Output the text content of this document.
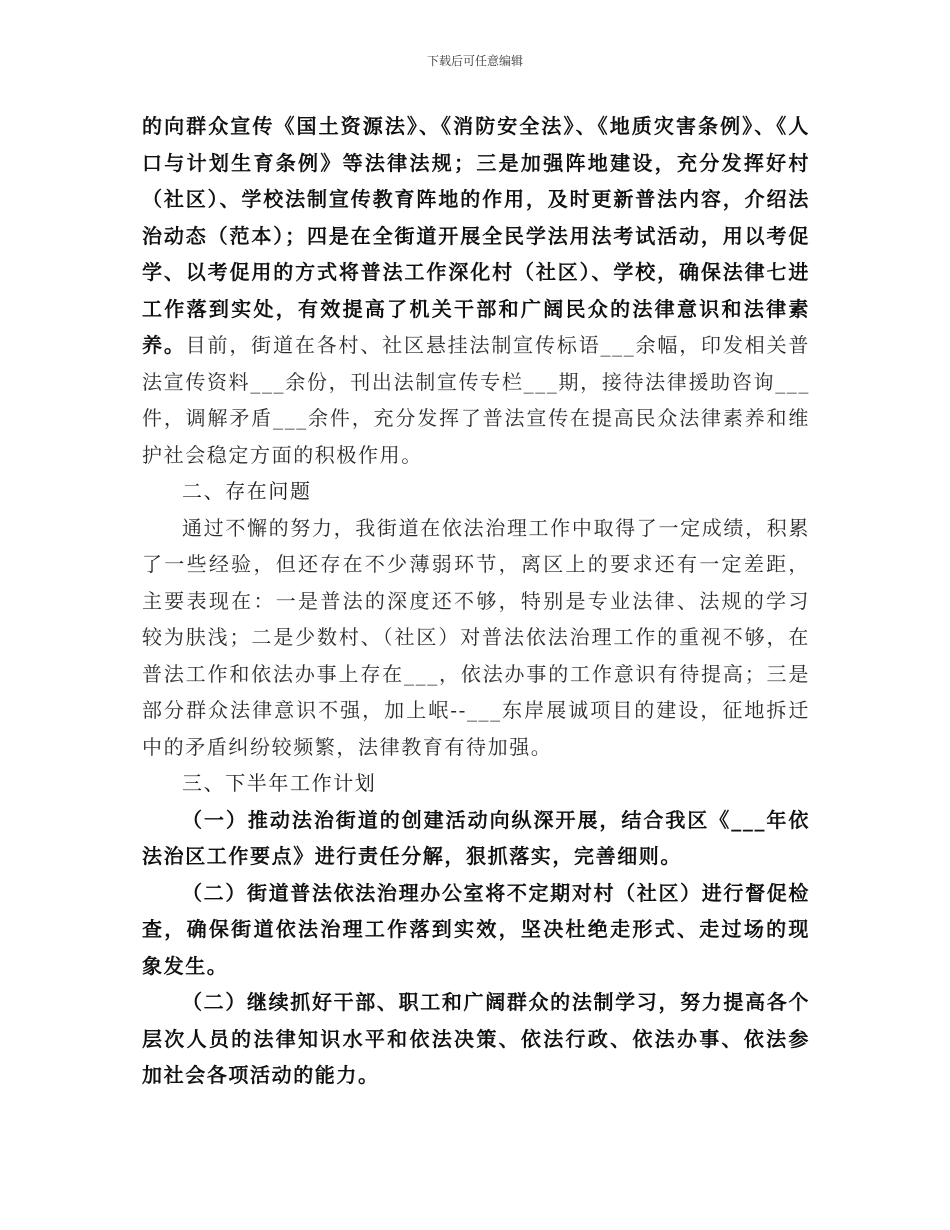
下载后可任意编辑

的向群众宣传《国土资源法》、《消防安全法》、《地质灾害条例》、《人口与计划生育条例》等法律法规；三是加强阵地建设，充分发挥好村（社区）、学校法制宣传教育阵地的作用，及时更新普法内容，介绍法治动态（范本）；四是在全街道开展全民学法用法考试活动，用以考促学、以考促用的方式将普法工作深化村（社区）、学校，确保法律七进工作落到实处，有效提高了机关干部和广阔民众的法律意识和法律素养。目前，街道在各村、社区悬挂法制宣传标语___余幅，印发相关普法宣传资料___余份，刊出法制宣传专栏___期，接待法律援助咨询___件，调解矛盾___余件，充分发挥了普法宣传在提高民众法律素养和维护社会稳定方面的积极作用。

二、存在问题

通过不懈的努力，我街道在依法治理工作中取得了一定成绩，积累了一些经验，但还存在不少薄弱环节，离区上的要求还有一定差距，主要表现在：一是普法的深度还不够，特别是专业法律、法规的学习较为肤浅；二是少数村、（社区）对普法依法治理工作的重视不够，在普法工作和依法办事上存在___，依法办事的工作意识有待提高；三是部分群众法律意识不强，加上岷--___东岸展诚项目的建设，征地拆迁中的矛盾纠纷较频繁，法律教育有待加强。

三、下半年工作计划

（一）推动法治街道的创建活动向纵深开展，结合我区《___年依法治区工作要点》进行责任分解，狠抓落实，完善细则。

（二）街道普法依法治理办公室将不定期对村（社区）进行督促检查，确保街道依法治理工作落到实效，坚决杜绝走形式、走过场的现象发生。

（二）继续抓好干部、职工和广阔群众的法制学习，努力提高各个层次人员的法律知识水平和依法决策、依法行政、依法办事、依法参加社会各项活动的能力。
